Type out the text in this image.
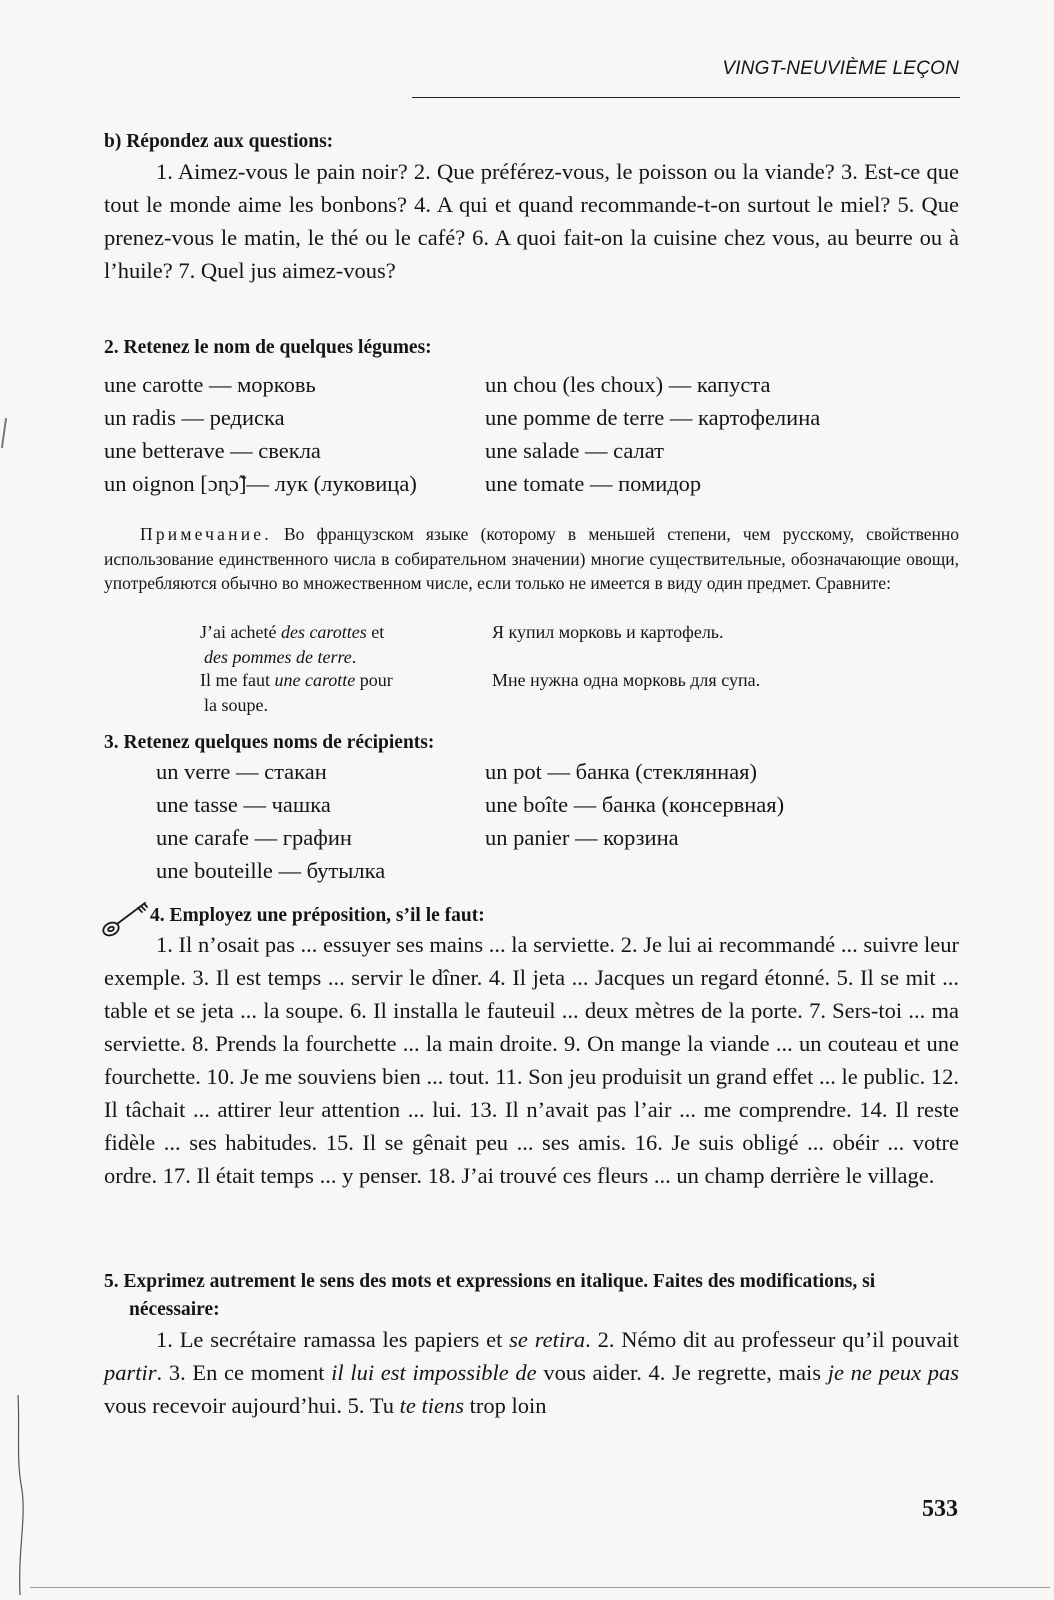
VINGT-NEUVIÈME LEÇON
b) Répondez aux questions:

1. Aimez-vous le pain noir? 2. Que préférez-vous, le poisson ou la viande? 3. Est-ce que tout le monde aime les bonbons? 4. A qui et quand recommande-t-on surtout le miel? 5. Que prenez-vous le matin, le thé ou le café? 6. A quoi fait-on la cuisine chez vous, au beurre ou à l’huile? 7. Quel jus aimez-vous?

2. Retenez le nom de quelques légumes:
une carotte — морковь
un radis — редиска
une betterave — свекла
un oignon [ɔɳɔ̃]— лук (луковица)
un chou (les choux) — капуста
une pomme de terre — картофелина
une salade — салат
une tomate — помидор
Примечание. Во французском языке (которому в меньшей степени, чем русскому, свойственно использование единственного числа в собирательном значении) многие существительные, обозначающие овощи, употребляются обычно во множественном числе, если только не имеется в виду один предмет. Сравните:
J’ai acheté des carottes et
des pommes de terre.
Я купил морковь и картофель.
Il me faut une carotte pour
la soupe.
Мне нужна одна морковь для супа.
3. Retenez quelques noms de récipients:
un verre — стакан
une tasse — чашка
une carafe — графин
une bouteille — бутылка
un pot — банка (стеклянная)
une boîte — банка (консервная)
un panier — корзина
4. Employez une préposition, s’il le faut:

1. Il n’osait pas ... essuyer ses mains ... la serviette. 2. Je lui ai recommandé ... suivre leur exemple. 3. Il est temps ... servir le dîner. 4. Il jeta ... Jacques un regard étonné. 5. Il se mit ... table et se jeta ... la soupe. 6. Il installa le fauteuil ... deux mètres de la porte. 7. Sers-toi ... ma serviette. 8. Prends la fourchette ... la main droite. 9. On mange la viande ... un couteau et une fourchette. 10. Je me souviens bien ... tout. 11. Son jeu produisit un grand effet ... le public. 12. Il tâchait ... attirer leur attention ... lui. 13. Il n’avait pas l’air ... me comprendre. 14. Il reste fidèle ... ses habitudes. 15. Il se gênait peu ... ses amis. 16. Je suis obligé ... obéir ... votre ordre. 17. Il était temps ... y penser. 18. J’ai trouvé ces fleurs ... un champ derrière le village.

5. Exprimez autrement le sens des mots et expressions en italique. Faites des modifications, si nécessaire:

1. Le secrétaire ramassa les papiers et se retira. 2. Némo dit au professeur qu’il pouvait partir. 3. En ce moment il lui est impossible de vous aider. 4. Je regrette, mais je ne peux pas vous recevoir aujourd’hui. 5. Tu te tiens trop loin

533
